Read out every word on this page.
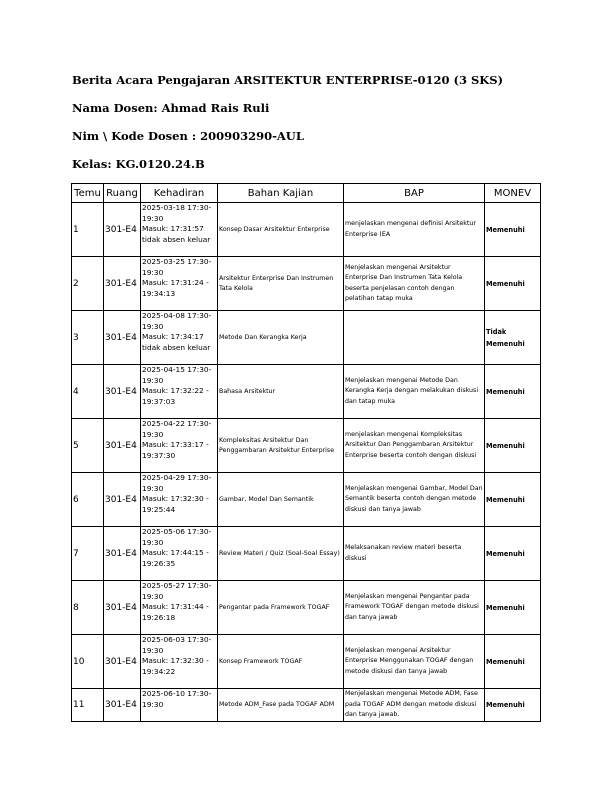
Berita Acara Pengajaran ARSITEKTUR ENTERPRISE-0120 (3 SKS)
Nama Dosen: Ahmad Rais Ruli
Nim \ Kode Dosen : 200903290-AUL
Kelas: KG.0120.24.B
Temu	Ruang	Kehadiran	Bahan Kajian	BAP	MONEV
1	301-E4	2025-03-18 17:30-
19:30
Masuk: 17:31:57
tidak absen keluar	Konsep Dasar Arsitektur Enterprise	menjelaskan mengenai definisi Arsitektur Enterprise (EA	Memenuhi
2	301-E4	2025-03-25 17:30-
19:30
Masuk: 17:31:24 -
19:34:13	Arsitektur Enterprise Dan Instrumen Tata Kelola	Menjelaskan mengenai Arsitektur Enterprise Dan Instrumen Tata Kelola beserta penjelasan contoh dengan pelatihan tatap muka	Memenuhi
3	301-E4	2025-04-08 17:30-
19:30
Masuk: 17:34:17
tidak absen keluar	Metode Dan Kerangka Kerja		Tidak Memenuhi
4	301-E4	2025-04-15 17:30-
19:30
Masuk: 17:32:22 -
19:37:03	Bahasa Arsitektur	Menjelaskan mengenai Metode Dan Kerangka Kerja dengan melakukan diskusi dan tatap muka	Memenuhi
5	301-E4	2025-04-22 17:30-
19:30
Masuk: 17:33:17 -
19:37:30	Kompleksitas Arsitektur Dan Penggambaran Arsitektur Enterprise	menjelaskan mengenai Kompleksitas Arsitektur Dan Penggambaran Arsitektur Enterprise beserta contoh dengan diskusi	Memenuhi
6	301-E4	2025-04-29 17:30-
19:30
Masuk: 17:32:30 -
19:25:44	Gambar, Model Dan Semantik	Menjelaskan mengenai Gambar, Model Dan Semantik beserta contoh dengan metode diskusi dan tanya jawab	Memenuhi
7	301-E4	2025-05-06 17:30-
19:30
Masuk: 17:44:15 -
19:26:35	Review Materi / Quiz (Soal-Soal Essay)	Melaksanakan review materi beserta diskusi	Memenuhi
8	301-E4	2025-05-27 17:30-
19:30
Masuk: 17:31:44 -
19:26:18	Pengantar pada Framework TOGAF	Menjelaskan mengenai Pengantar pada Framework TOGAF dengan metode diskusi dan tanya jawab	Memenuhi
10	301-E4	2025-06-03 17:30-
19:30
Masuk: 17:32:30 -
19:34:22	Konsep Framework TOGAF	Menjelaskan mengenai Arsitektur Enterprise Menggunakan TOGAF dengan metode diskusi dan tanya jawab	Memenuhi
11	301-E4	2025-06-10 17:30-
19:30	Metode ADM_Fase pada TOGAF ADM	Menjelaskan mengenai Metode ADM, Fase pada TOGAF ADM dengan metode diskusi dan tanya jawab.	Memenuhi
